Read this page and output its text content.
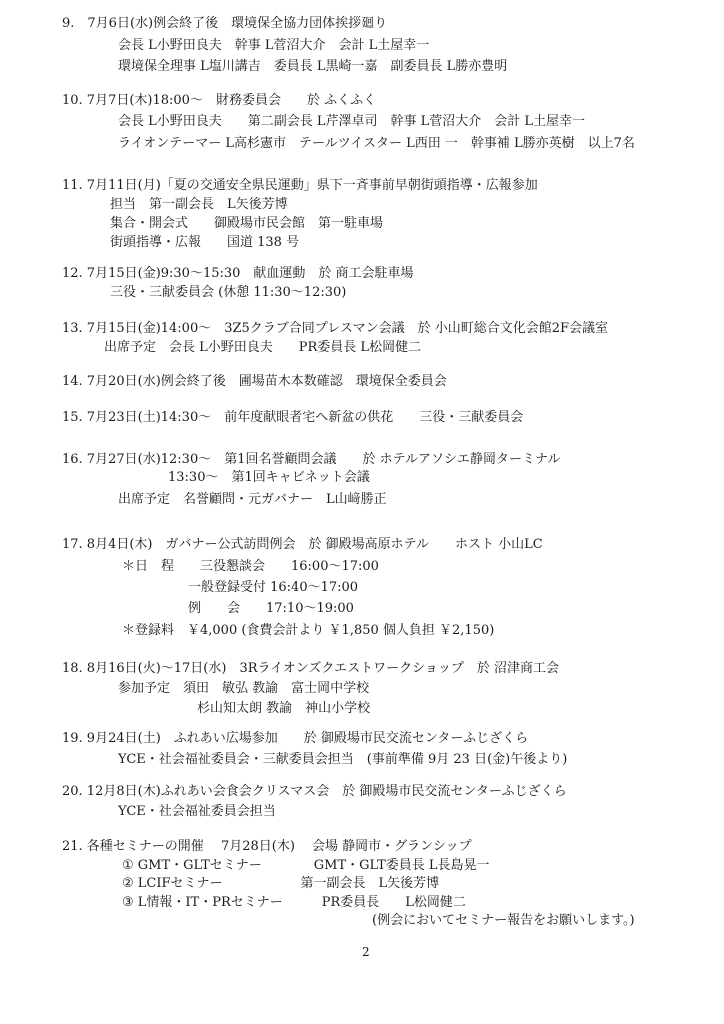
9.　7月6日(水)例会終了後　環境保全協力団体挨拶廻り
会長 L小野田良夫　幹事 L菅沼大介　会計 L土屋幸一
環境保全理事 L塩川講吉　委員長 L黒崎一嘉　副委員長 L勝亦豊明
10. 7月7日(木)18:00～　財務委員会　　於 ふくふく
会長 L小野田良夫　　第二副会長 L芹澤卓司　幹事 L菅沼大介　会計 L土屋幸一
ライオンテーマー L高杉憲市　テールツイスター L西田 一　幹事補 L勝亦英樹　以上7名
11. 7月11日(月)「夏の交通安全県民運動」県下一斉事前早朝街頭指導・広報参加
担当　第一副会長　L矢後芳博
集合・開会式　　御殿場市民会館　第一駐車場
街頭指導・広報　　国道 138 号
12. 7月15日(金)9:30～15:30　献血運動　於 商工会駐車場
三役・三献委員会 (休憩 11:30～12:30)
13. 7月15日(金)14:00～　3Z5クラブ合同プレスマン会議　於 小山町総合文化会館2F会議室
出席予定　会長 L小野田良夫　　PR委員長 L松岡健二
14. 7月20日(水)例会終了後　圃場苗木本数確認　環境保全委員会
15. 7月23日(土)14:30～　前年度献眼者宅へ新盆の供花　　三役・三献委員会
16. 7月27日(水)12:30～　第1回名誉顧問会議　　於 ホテルアソシエ静岡ターミナル
13:30～　第1回キャビネット会議
出席予定　名誉顧問・元ガバナー　L山﨑勝正
17. 8月4日(木)　ガバナー公式訪問例会　於 御殿場高原ホテル　　ホスト 小山LC
＊日　程　　三役懇談会　　16:00～17:00
一般登録受付 16:40～17:00
例　　会　　17:10～19:00
＊登録料　￥4,000 (食費会計より ￥1,850 個人負担 ￥2,150)
18. 8月16日(火)～17日(水)　3Rライオンズクエストワークショップ　於 沼津商工会
参加予定　須田　敏弘 教諭　富士岡中学校
杉山知太朗 教諭　神山小学校
19. 9月24日(土)　ふれあい広場参加　　於 御殿場市民交流センターふじざくら
YCE・社会福祉委員会・三献委員会担当　(事前準備 9月 23 日(金)午後より)
20. 12月8日(木)ふれあい会食会クリスマス会　於 御殿場市民交流センターふじざくら
YCE・社会福祉委員会担当
21. 各種セミナーの開催　 7月28日(木)　 会場 静岡市・グランシップ
① GMT・GLTセミナー　　　　GMT・GLT委員長 L長島晃一
② LCIFセミナー　　　　　　第一副会長　L矢後芳博
③ L情報・IT・PRセミナー　　　PR委員長　　L松岡健二
(例会においてセミナー報告をお願いします。)
2
